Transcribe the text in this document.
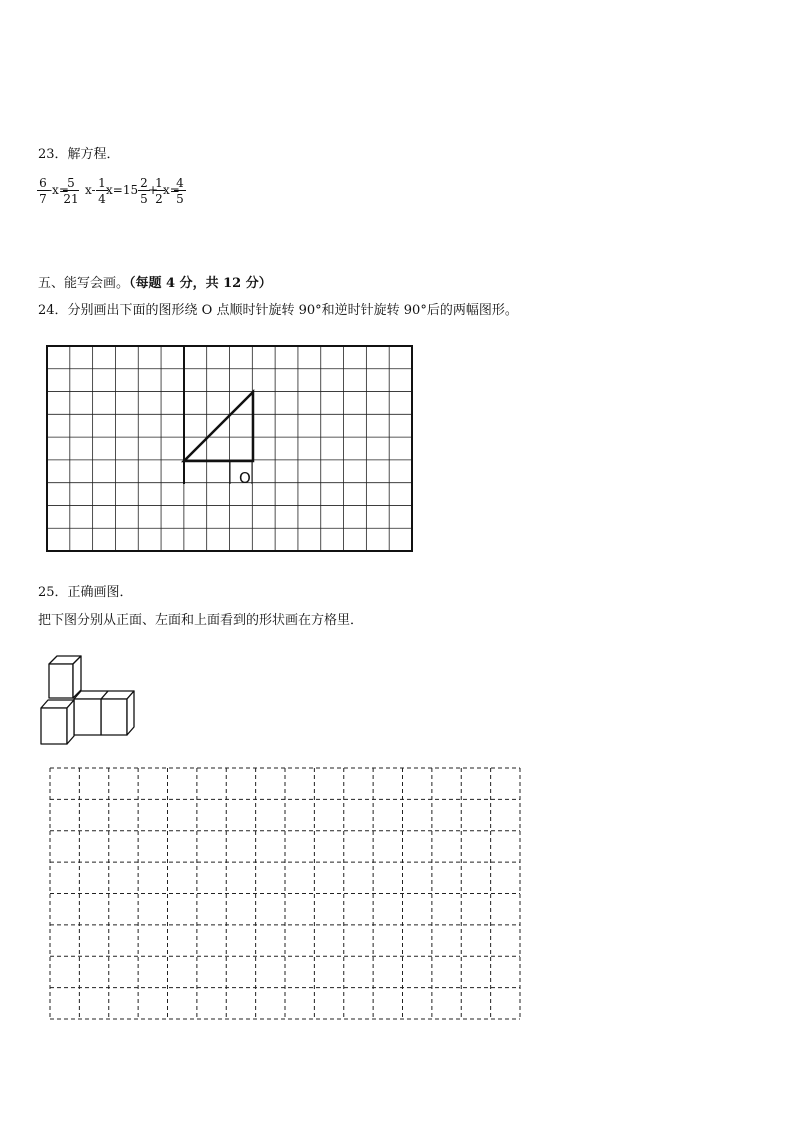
23．解方程．
$\frac{6}{7} -x=$
$\frac{5}{21} x- \frac{1}{4}$
$x=15 \frac{2}{5}$
+
$\frac{1}{2}$
x=
$\frac{4}{5}$
五、能写会画。（每题 4 分，共 12 分）
24．分别画出下面的图形绕 O 点顺时针旋转 90°和逆时针旋转 90°后的两幅图形。
O
25．正确画图．
把下图分别从正面、左面和上面看到的形状画在方格里．
